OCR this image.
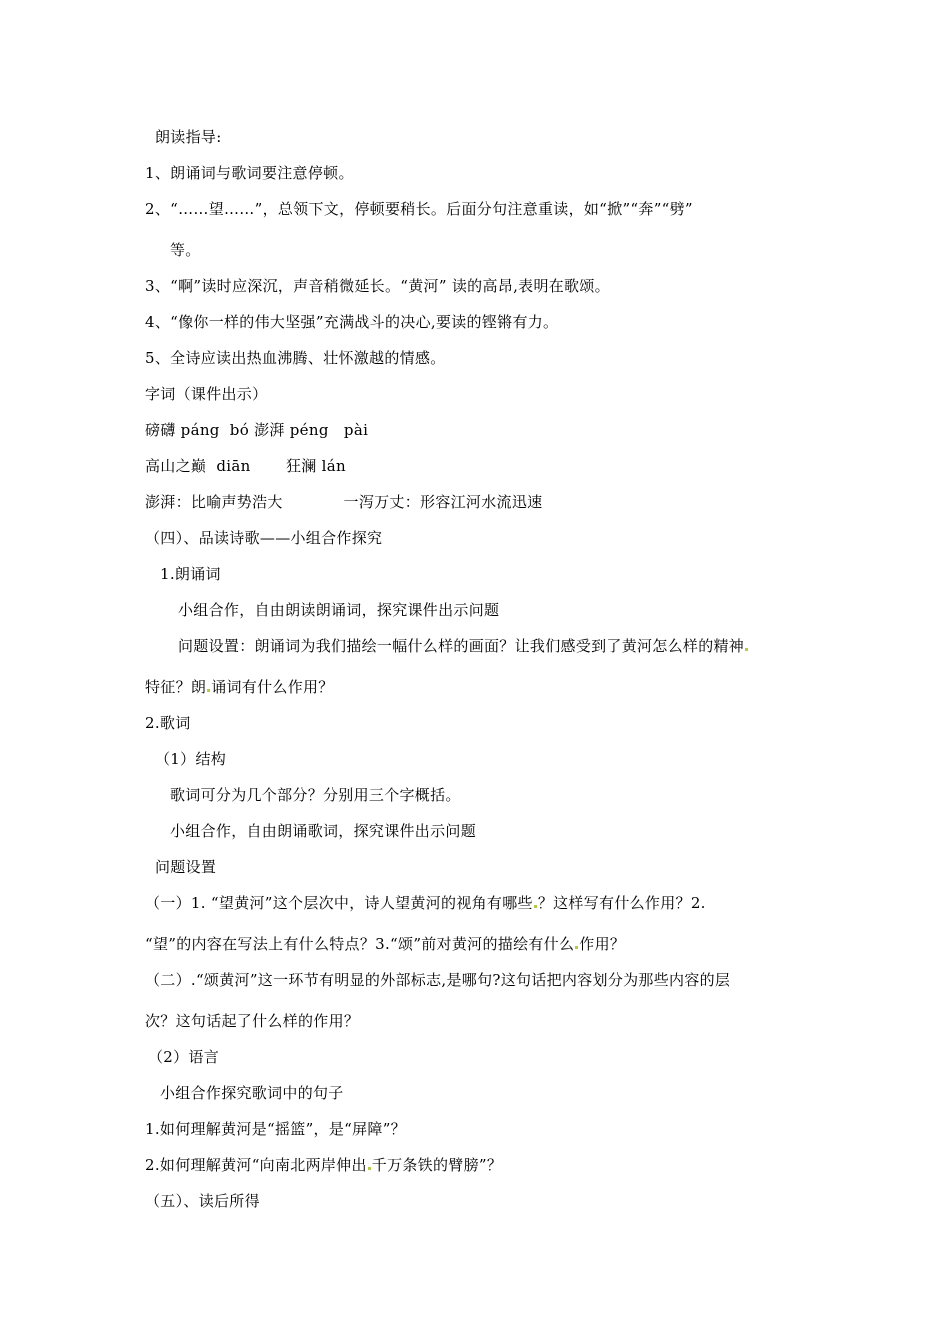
朗读指导:
1、朗诵词与歌词要注意停顿。
2、“……望……”，总领下文，停顿要稍长。后面分句注意重读，如“掀”“奔”“劈”
等。
3、“啊”读时应深沉，声音稍微延长。“黄河” 读的高昂,表明在歌颂。
4、“像你一样的伟大坚强”充满战斗的决心,要读的铿锵有力。
5、全诗应读出热血沸腾、壮怀激越的情感。
字词（课件出示）
磅礴 páng  bó 澎湃 péng   pài
高山之巅  diān       狂澜 lán
澎湃：比喻声势浩大            一泻万丈：形容江河水流迅速
（四）、品读诗歌——小组合作探究
1.朗诵词
小组合作，自由朗读朗诵词，探究课件出示问题
问题设置：朗诵词为我们描绘一幅什么样的画面？让我们感受到了黄河怎么样的精神
特征？朗 诵词有什么作用？
2.歌词
（1）结构
歌词可分为几个部分？分别用三个字概括。
小组合作，自由朗诵歌词，探究课件出示问题
问题设置
（一）1. “望黄河”这个层次中，诗人望黄河的视角有哪些 ？这样写有什么作用？2.
“望”的内容在写法上有什么特点？3.“颂”前对黄河的描绘有什么 作用？
（二）.“颂黄河”这一环节有明显的外部标志,是哪句?这句话把内容划分为那些内容的层
次？这句话起了什么样的作用？
（2）语言
小组合作探究歌词中的句子
1.如何理解黄河是“摇篮”，是“屏障”？
2.如何理解黄河“向南北两岸伸出 千万条铁的臂膀”？
（五）、读后所得
